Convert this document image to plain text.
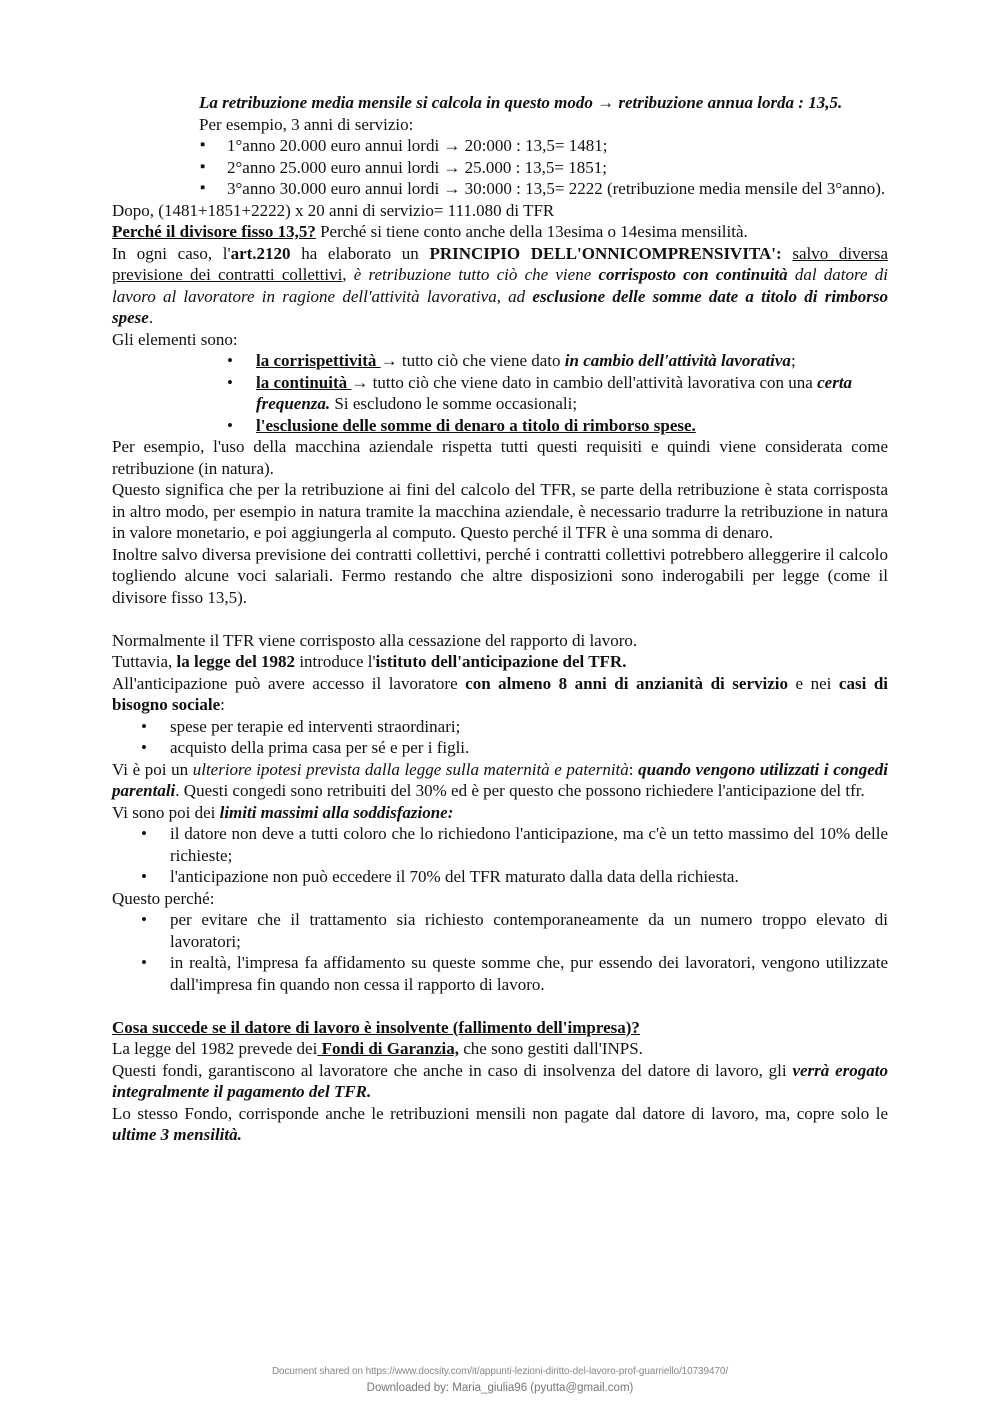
La retribuzione media mensile si calcola in questo modo → retribuzione annua lorda : 13,5.

Per esempio, 3 anni di servizio:

▪ 1°anno 20.000 euro annui lordi → 20:000 : 13,5= 1481;
▪ 2°anno 25.000 euro annui lordi → 25.000 : 13,5= 1851;
▪ 3°anno 30.000 euro annui lordi → 30:000 : 13,5= 2222 (retribuzione media mensile del 3°anno).

Dopo, (1481+1851+2222) x 20 anni di servizio= 111.080 di TFR

Perché il divisore fisso 13,5? Perché si tiene conto anche della 13esima o 14esima mensilità.

In ogni caso, l'art.2120 ha elaborato un PRINCIPIO DELL'ONNICOMPRENSIVITA': salvo diversa previsione dei contratti collettivi, è retribuzione tutto ciò che viene corrisposto con continuità dal datore di lavoro al lavoratore in ragione dell'attività lavorativa, ad esclusione delle somme date a titolo di rimborso spese.

Gli elementi sono:

• la corrispettività → tutto ciò che viene dato in cambio dell'attività lavorativa;
• la continuità → tutto ciò che viene dato in cambio dell'attività lavorativa con una certa frequenza. Si escludono le somme occasionali;
• l'esclusione delle somme di denaro a titolo di rimborso spese.

Per esempio, l'uso della macchina aziendale rispetta tutti questi requisiti e quindi viene considerata come retribuzione (in natura).

Questo significa che per la retribuzione ai fini del calcolo del TFR, se parte della retribuzione è stata corrisposta in altro modo, per esempio in natura tramite la macchina aziendale, è necessario tradurre la retribuzione in natura in valore monetario, e poi aggiungerla al computo. Questo perché il TFR è una somma di denaro.

Inoltre salvo diversa previsione dei contratti collettivi, perché i contratti collettivi potrebbero alleggerire il calcolo togliendo alcune voci salariali. Fermo restando che altre disposizioni sono inderogabili per legge (come il divisore fisso 13,5).

Normalmente il TFR viene corrisposto alla cessazione del rapporto di lavoro.

Tuttavia, la legge del 1982 introduce l'istituto dell'anticipazione del TFR.

All'anticipazione può avere accesso il lavoratore con almeno 8 anni di anzianità di servizio e nei casi di bisogno sociale:

• spese per terapie ed interventi straordinari;
• acquisto della prima casa per sé e per i figli.

Vi è poi un ulteriore ipotesi prevista dalla legge sulla maternità e paternità: quando vengono utilizzati i congedi parentali. Questi congedi sono retribuiti del 30% ed è per questo che possono richiedere l'anticipazione del tfr.

Vi sono poi dei limiti massimi alla soddisfazione:

• il datore non deve a tutti coloro che lo richiedono l'anticipazione, ma c'è un tetto massimo del 10% delle richieste;
• l'anticipazione non può eccedere il 70% del TFR maturato dalla data della richiesta.

Questo perché:

• per evitare che il trattamento sia richiesto contemporaneamente da un numero troppo elevato di lavoratori;
• in realtà, l'impresa fa affidamento su queste somme che, pur essendo dei lavoratori, vengono utilizzate dall'impresa fin quando non cessa il rapporto di lavoro.

Cosa succede se il datore di lavoro è insolvente (fallimento dell'impresa)?

La legge del 1982 prevede dei Fondi di Garanzia, che sono gestiti dall'INPS.

Questi fondi, garantiscono al lavoratore che anche in caso di insolvenza del datore di lavoro, gli verrà erogato integralmente il pagamento del TFR.

Lo stesso Fondo, corrisponde anche le retribuzioni mensili non pagate dal datore di lavoro, ma, copre solo le ultime 3 mensilità.

Document shared on https://www.docsity.com/it/appunti-lezioni-diritto-del-lavoro-prof-guarriello/10739470/
Downloaded by: Maria_giulia96 (pyutta@gmail.com)
